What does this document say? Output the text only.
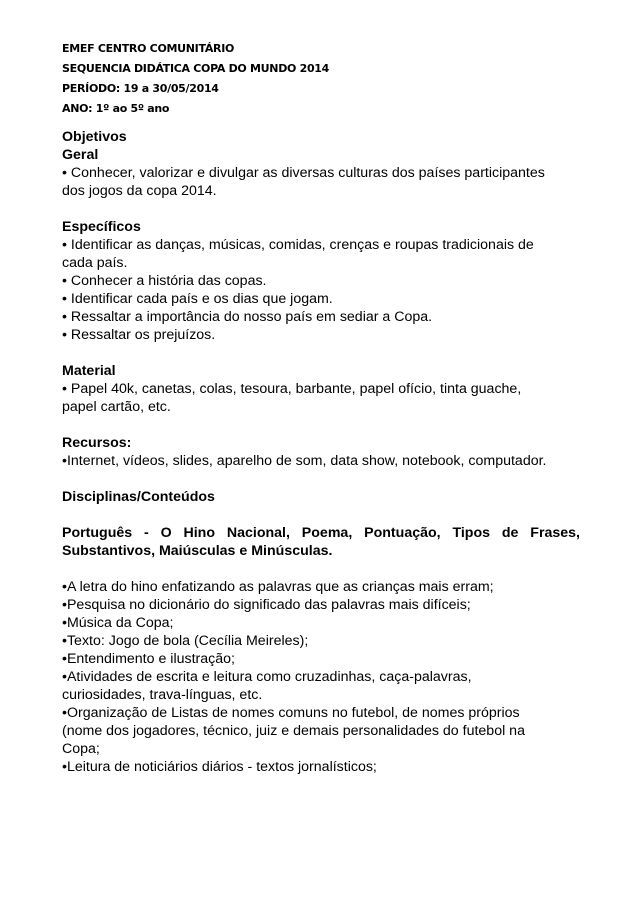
EMEF CENTRO COMUNITÁRIO
SEQUENCIA DIDÁTICA COPA DO MUNDO 2014
PERÍODO: 19 a 30/05/2014
ANO: 1º ao 5º ano
Objetivos
Geral
• Conhecer, valorizar e divulgar as diversas culturas dos países participantes
dos jogos da copa 2014.
Específicos
• Identificar as danças, músicas, comidas, crenças e roupas tradicionais de
cada país.
• Conhecer a história das copas.
• Identificar cada país e os dias que jogam.
• Ressaltar a importância do nosso país em sediar a Copa.
• Ressaltar os prejuízos.
Material
• Papel 40k, canetas, colas, tesoura, barbante, papel ofício, tinta guache,
papel cartão, etc.
Recursos:
•Internet, vídeos, slides, aparelho de som, data show, notebook, computador.
Disciplinas/Conteúdos
Português - O Hino Nacional, Poema, Pontuação, Tipos de Frases,
Substantivos, Maiúsculas e Minúsculas.
•A letra do hino enfatizando as palavras que as crianças mais erram;
•Pesquisa no dicionário do significado das palavras mais difíceis;
•Música da Copa;
•Texto: Jogo de bola (Cecília Meireles);
•Entendimento e ilustração;
•Atividades de escrita e leitura como cruzadinhas, caça-palavras,
curiosidades, trava-línguas, etc.
•Organização de Listas de nomes comuns no futebol, de nomes próprios
(nome dos jogadores, técnico, juiz e demais personalidades do futebol na
Copa;
•Leitura de noticiários diários - textos jornalísticos;
